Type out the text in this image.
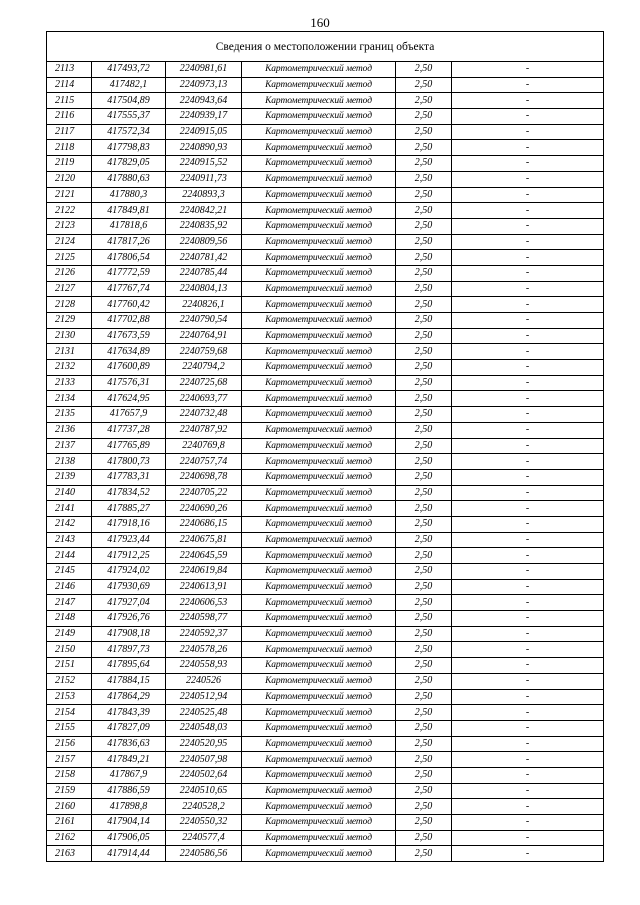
160
Сведения о местоположении границ объекта					
2113	417493,72	2240981,61	Картометрический метод	2,50	-
2114	417482,1	2240973,13	Картометрический метод	2,50	-
2115	417504,89	2240943,64	Картометрический метод	2,50	-
2116	417555,37	2240939,17	Картометрический метод	2,50	-
2117	417572,34	2240915,05	Картометрический метод	2,50	-
2118	417798,83	2240890,93	Картометрический метод	2,50	-
2119	417829,05	2240915,52	Картометрический метод	2,50	-
2120	417880,63	2240911,73	Картометрический метод	2,50	-
2121	417880,3	2240893,3	Картометрический метод	2,50	-
2122	417849,81	2240842,21	Картометрический метод	2,50	-
2123	417818,6	2240835,92	Картометрический метод	2,50	-
2124	417817,26	2240809,56	Картометрический метод	2,50	-
2125	417806,54	2240781,42	Картометрический метод	2,50	-
2126	417772,59	2240785,44	Картометрический метод	2,50	-
2127	417767,74	2240804,13	Картометрический метод	2,50	-
2128	417760,42	2240826,1	Картометрический метод	2,50	-
2129	417702,88	2240790,54	Картометрический метод	2,50	-
2130	417673,59	2240764,91	Картометрический метод	2,50	-
2131	417634,89	2240759,68	Картометрический метод	2,50	-
2132	417600,89	2240794,2	Картометрический метод	2,50	-
2133	417576,31	2240725,68	Картометрический метод	2,50	-
2134	417624,95	2240693,77	Картометрический метод	2,50	-
2135	417657,9	2240732,48	Картометрический метод	2,50	-
2136	417737,28	2240787,92	Картометрический метод	2,50	-
2137	417765,89	2240769,8	Картометрический метод	2,50	-
2138	417800,73	2240757,74	Картометрический метод	2,50	-
2139	417783,31	2240698,78	Картометрический метод	2,50	-
2140	417834,52	2240705,22	Картометрический метод	2,50	-
2141	417885,27	2240690,26	Картометрический метод	2,50	-
2142	417918,16	2240686,15	Картометрический метод	2,50	-
2143	417923,44	2240675,81	Картометрический метод	2,50	-
2144	417912,25	2240645,59	Картометрический метод	2,50	-
2145	417924,02	2240619,84	Картометрический метод	2,50	-
2146	417930,69	2240613,91	Картометрический метод	2,50	-
2147	417927,04	2240606,53	Картометрический метод	2,50	-
2148	417926,76	2240598,77	Картометрический метод	2,50	-
2149	417908,18	2240592,37	Картометрический метод	2,50	-
2150	417897,73	2240578,26	Картометрический метод	2,50	-
2151	417895,64	2240558,93	Картометрический метод	2,50	-
2152	417884,15	2240526	Картометрический метод	2,50	-
2153	417864,29	2240512,94	Картометрический метод	2,50	-
2154	417843,39	2240525,48	Картометрический метод	2,50	-
2155	417827,09	2240548,03	Картометрический метод	2,50	-
2156	417836,63	2240520,95	Картометрический метод	2,50	-
2157	417849,21	2240507,98	Картометрический метод	2,50	-
2158	417867,9	2240502,64	Картометрический метод	2,50	-
2159	417886,59	2240510,65	Картометрический метод	2,50	-
2160	417898,8	2240528,2	Картометрический метод	2,50	-
2161	417904,14	2240550,32	Картометрический метод	2,50	-
2162	417906,05	2240577,4	Картометрический метод	2,50	-
2163	417914,44	2240586,56	Картометрический метод	2,50	-
